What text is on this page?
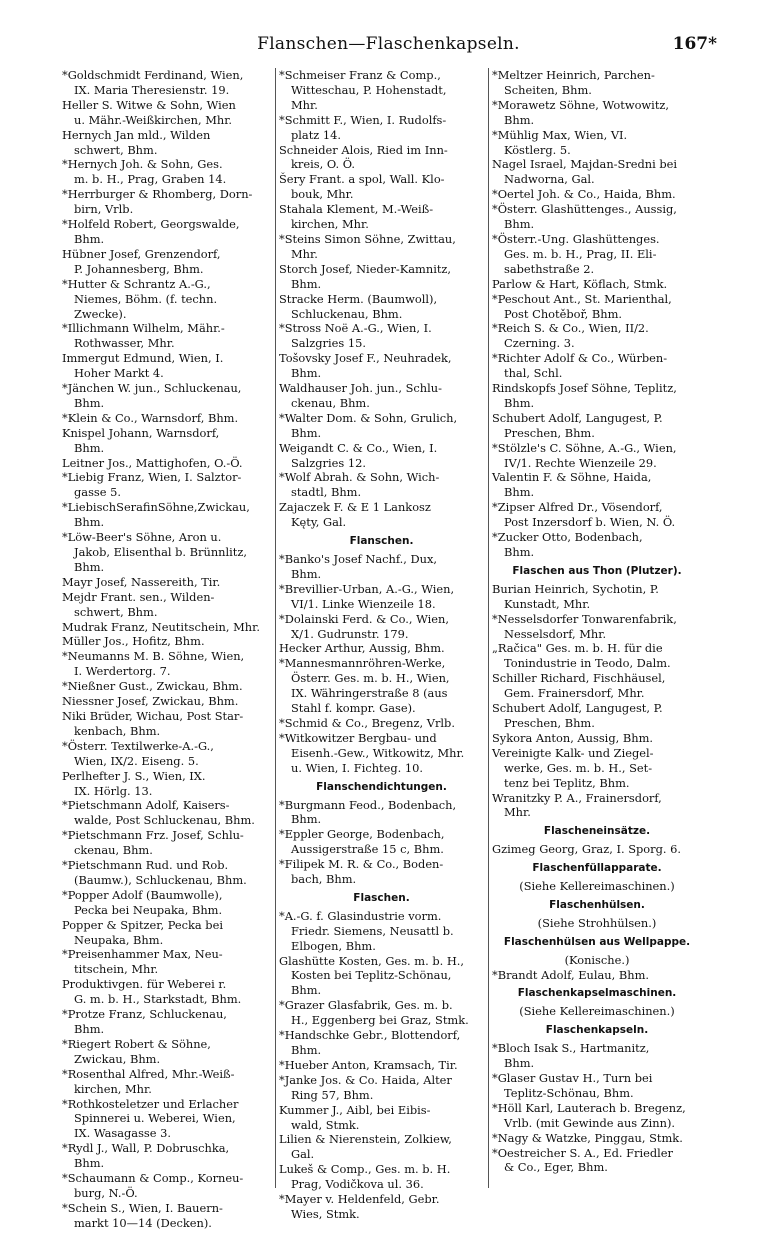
Flanschen—Flaschenkapseln.	167*
*Goldschmidt Ferdinand, Wien,
IX. Maria Theresienstr. 19.
Heller S. Witwe & Sohn, Wien
u. Mähr.-Weißkirchen, Mhr.
Hernych Jan mld., Wilden
schwert, Bhm.
*Hernych Joh. & Sohn, Ges.
m. b. H., Prag, Graben 14.
*Herrburger & Rhomberg, Dorn-
birn, Vrlb.
*Holfeld Robert, Georgswalde,
Bhm.
Hübner Josef, Grenzendorf,
P. Johannesberg, Bhm.
*Hutter & Schrantz A.-G.,
Niemes, Böhm. (f. techn.
Zwecke).
*Illichmann Wilhelm, Mähr.-
Rothwasser, Mhr.
Immergut Edmund, Wien, I.
Hoher Markt 4.
*Jänchen W. jun., Schluckenau,
Bhm.
*Klein & Co., Warnsdorf, Bhm.
Knispel Johann, Warnsdorf,
Bhm.
Leitner Jos., Mattighofen, O.-Ö.
*Liebig Franz, Wien, I. Salztor-
gasse 5.
*LiebischSerafinSöhne,Zwickau,
Bhm.
*Löw-Beer's Söhne, Aron u.
Jakob, Elisenthal b. Brünnlitz,
Bhm.
Mayr Josef, Nassereith, Tir.
Mejdr Frant. sen., Wilden-
schwert, Bhm.
Mudrak Franz, Neutitschein, Mhr.
Müller Jos., Hofitz, Bhm.
*Neumanns M. B. Söhne, Wien,
I. Werdertorg. 7.
*Nießner Gust., Zwickau, Bhm.
Niessner Josef, Zwickau, Bhm.
Niki Brüder, Wichau, Post Star-
kenbach, Bhm.
*Österr. Textilwerke-A.-G.,
Wien, IX/2. Eiseng. 5.
Perlhefter J. S., Wien, IX.
IX. Hörlg. 13.
*Pietschmann Adolf, Kaisers-
walde, Post Schluckenau, Bhm.
*Pietschmann Frz. Josef, Schlu-
ckenau, Bhm.
*Pietschmann Rud. und Rob.
(Baumw.), Schluckenau, Bhm.
*Popper Adolf (Baumwolle),
Pecka bei Neupaka, Bhm.
Popper & Spitzer, Pecka bei
Neupaka, Bhm.
*Preisenhammer Max, Neu-
titschein, Mhr.
Produktivgen. für Weberei r.
G. m. b. H., Starkstadt, Bhm.
*Protze Franz, Schluckenau,
Bhm.
*Riegert Robert & Söhne,
Zwickau, Bhm.
*Rosenthal Alfred, Mhr.-Weiß-
kirchen, Mhr.
*Rothkosteletzer und Erlacher
Spinnerei u. Weberei, Wien,
IX. Wasagasse 3.
*Rydl J., Wall, P. Dobruschka,
Bhm.
*Schaumann & Comp., Korneu-
burg, N.-Ö.
*Schein S., Wien, I. Bauern-
markt 10—14 (Decken).
*Schmeiser Franz & Comp.,
Witteschau, P. Hohenstadt,
Mhr.
*Schmitt F., Wien, I. Rudolfs-
platz 14.
Schneider Alois, Ried im Inn-
kreis, O. Ö.
Šery Frant. a spol, Wall. Klo-
bouk, Mhr.
Stahala Klement, M.-Weiß-
kirchen, Mhr.
*Steins Simon Söhne, Zwittau,
Mhr.
Storch Josef, Nieder-Kamnitz,
Bhm.
Stracke Herm. (Baumwoll),
Schluckenau, Bhm.
*Stross Noë A.-G., Wien, I.
Salzgries 15.
Tošovsky Josef F., Neuhradek,
Bhm.
Waldhauser Joh. jun., Schlu-
ckenau, Bhm.
*Walter Dom. & Sohn, Grulich,
Bhm.
Weigandt C. & Co., Wien, I.
Salzgries 12.
*Wolf Abrah. & Sohn, Wich-
stadtl, Bhm.
Zajaczek F. & E 1 Lankosz
Kęty, Gal.
Flanschen.
*Banko's Josef Nachf., Dux,
Bhm.
*Brevillier-Urban, A.-G., Wien,
VI/1. Linke Wienzeile 18.
*Dolainski Ferd. & Co., Wien,
X/1. Gudrunstr. 179.
Hecker Arthur, Aussig, Bhm.
*Mannesmannröhren-Werke,
Österr. Ges. m. b. H., Wien,
IX. Währingerstraße 8 (aus
Stahl f. kompr. Gase).
*Schmid & Co., Bregenz, Vrlb.
*Witkowitzer Bergbau- und
Eisenh.-Gew., Witkowitz, Mhr.
u. Wien, I. Fichteg. 10.
Flanschendichtungen.
*Burgmann Feod., Bodenbach,
Bhm.
*Eppler George, Bodenbach,
Aussigerstraße 15 c, Bhm.
*Filipek M. R. & Co., Boden-
bach, Bhm.
Flaschen.
*A.-G. f. Glasindustrie vorm.
Friedr. Siemens, Neusattl b.
Elbogen, Bhm.
Glashütte Kosten, Ges. m. b. H.,
Kosten bei Teplitz-Schönau,
Bhm.
*Grazer Glasfabrik, Ges. m. b.
H., Eggenberg bei Graz, Stmk.
*Handschke Gebr., Blottendorf,
Bhm.
*Hueber Anton, Kramsach, Tir.
*Janke Jos. & Co. Haida, Alter
Ring 57, Bhm.
Kummer J., Aibl, bei Eibis-
wald, Stmk.
Lilien & Nierenstein, Zolkiew,
Gal.
Lukeš & Comp., Ges. m. b. H.
Prag, Vodičkova ul. 36.
*Mayer v. Heldenfeld, Gebr.
Wies, Stmk.
*Meltzer Heinrich, Parchen-
Scheiten, Bhm.
*Morawetz Söhne, Wotwowitz,
Bhm.
*Mühlig Max, Wien, VI.
Köstlerg. 5.
Nagel Israel, Majdan-Sredni bei
Nadworna, Gal.
*Oertel Joh. & Co., Haida, Bhm.
*Österr. Glashüttenges., Aussig,
Bhm.
*Österr.-Ung. Glashüttenges.
Ges. m. b. H., Prag, II. Eli-
sabethstraße 2.
Parlow & Hart, Köflach, Stmk.
*Peschout Ant., St. Marienthal,
Post Chotěboř, Bhm.
*Reich S. & Co., Wien, II/2.
Czerning. 3.
*Richter Adolf & Co., Würben-
thal, Schl.
Rindskopfs Josef Söhne, Teplitz,
Bhm.
Schubert Adolf, Langugest, P.
Preschen, Bhm.
*Stölzle's C. Söhne, A.-G., Wien,
IV/1. Rechte Wienzeile 29.
Valentin F. & Söhne, Haida,
Bhm.
*Zipser Alfred Dr., Vösendorf,
Post Inzersdorf b. Wien, N. Ö.
*Zucker Otto, Bodenbach,
Bhm.
Flaschen aus Thon (Plutzer).
Burian Heinrich, Sychotin, P.
Kunstadt, Mhr.
*Nesselsdorfer Tonwarenfabrik,
Nesselsdorf, Mhr.
„Račica" Ges. m. b. H. für die
Tonindustrie in Teodo, Dalm.
Schiller Richard, Fischhäusel,
Gem. Frainersdorf, Mhr.
Schubert Adolf, Langugest, P.
Preschen, Bhm.
Sykora Anton, Aussig, Bhm.
Vereinigte Kalk- und Ziegel-
werke, Ges. m. b. H., Set-
tenz bei Teplitz, Bhm.
Wranitzky P. A., Frainersdorf,
Mhr.
Flascheneinsätze.
Gzimeg Georg, Graz, I. Sporg. 6.
Flaschenfüllapparate.
(Siehe Kellereimaschinen.)
Flaschenhülsen.
(Siehe Strohhülsen.)
Flaschenhülsen aus Wellpappe.
(Konische.)
*Brandt Adolf, Eulau, Bhm.
Flaschenkapselmaschinen.
(Siehe Kellereimaschinen.)
Flaschenkapseln.
*Bloch Isak S., Hartmanitz,
Bhm.
*Glaser Gustav H., Turn bei
Teplitz-Schönau, Bhm.
*Höll Karl, Lauterach b. Bregenz,
Vrlb. (mit Gewinde aus Zinn).
*Nagy & Watzke, Pinggau, Stmk.
*Oestreicher S. A., Ed. Friedler
& Co., Eger, Bhm.
